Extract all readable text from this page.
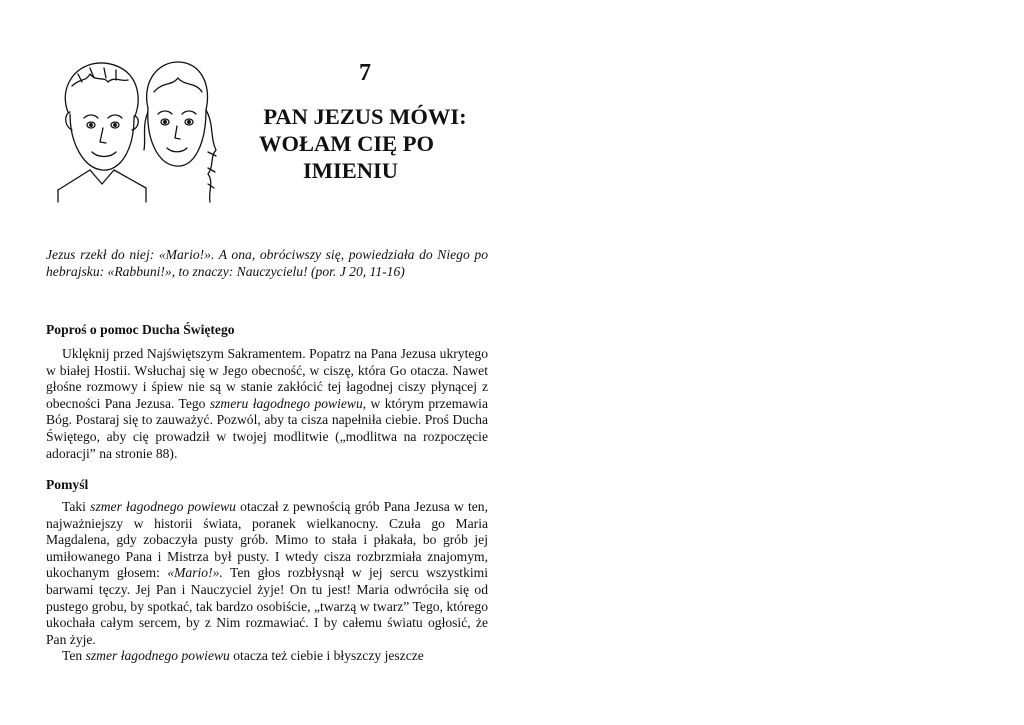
7
PAN JEZUS MÓWI:
WOŁAM CIĘ PO
IMIENIU
Jezus rzekł do niej: «Mario!». A ona, obróciwszy się, powiedziała do Niego po hebrajsku: «Rabbuni!», to znaczy: Nauczycielu! (por. J 20, 11-16)
Poproś o pomoc Ducha Świętego

Uklęknij przed Najświętszym Sakramentem. Popatrz na Pana Jezusa ukrytego w białej Hostii. Wsłuchaj się w Jego obecność, w ciszę, która Go otacza. Nawet głośne rozmowy i śpiew nie są w stanie zakłócić tej łagodnej ciszy płynącej z obecności Pana Jezusa. Tego szmeru łagodnego powiewu, w którym przemawia Bóg. Postaraj się to zauważyć. Pozwól, aby ta cisza napełniła ciebie. Proś Ducha Świętego, aby cię prowadził w twojej modlitwie („modlitwa na rozpoczęcie adoracji” na stronie 88).

Pomyśl

Taki szmer łagodnego powiewu otaczał z pewnością grób Pana Jezusa w ten, najważniejszy w historii świata, poranek wielkanocny. Czuła go Maria Magdalena, gdy zobaczyła pusty grób. Mimo to stała i płakała, bo grób jej umiłowanego Pana i Mistrza był pusty. I wtedy cisza rozbrzmiała znajomym, ukochanym głosem: «Mario!». Ten głos rozbłysnął w jej sercu wszystkimi barwami tęczy. Jej Pan i Nauczyciel żyje! On tu jest! Maria odwróciła się od pustego grobu, by spotkać, tak bardzo osobiście, „twarzą w twarz” Tego, którego ukochała całym sercem, by z Nim rozmawiać. I by całemu światu ogłosić, że Pan żyje.

Ten szmer łagodnego powiewu otacza też ciebie i błyszczy jeszcze
